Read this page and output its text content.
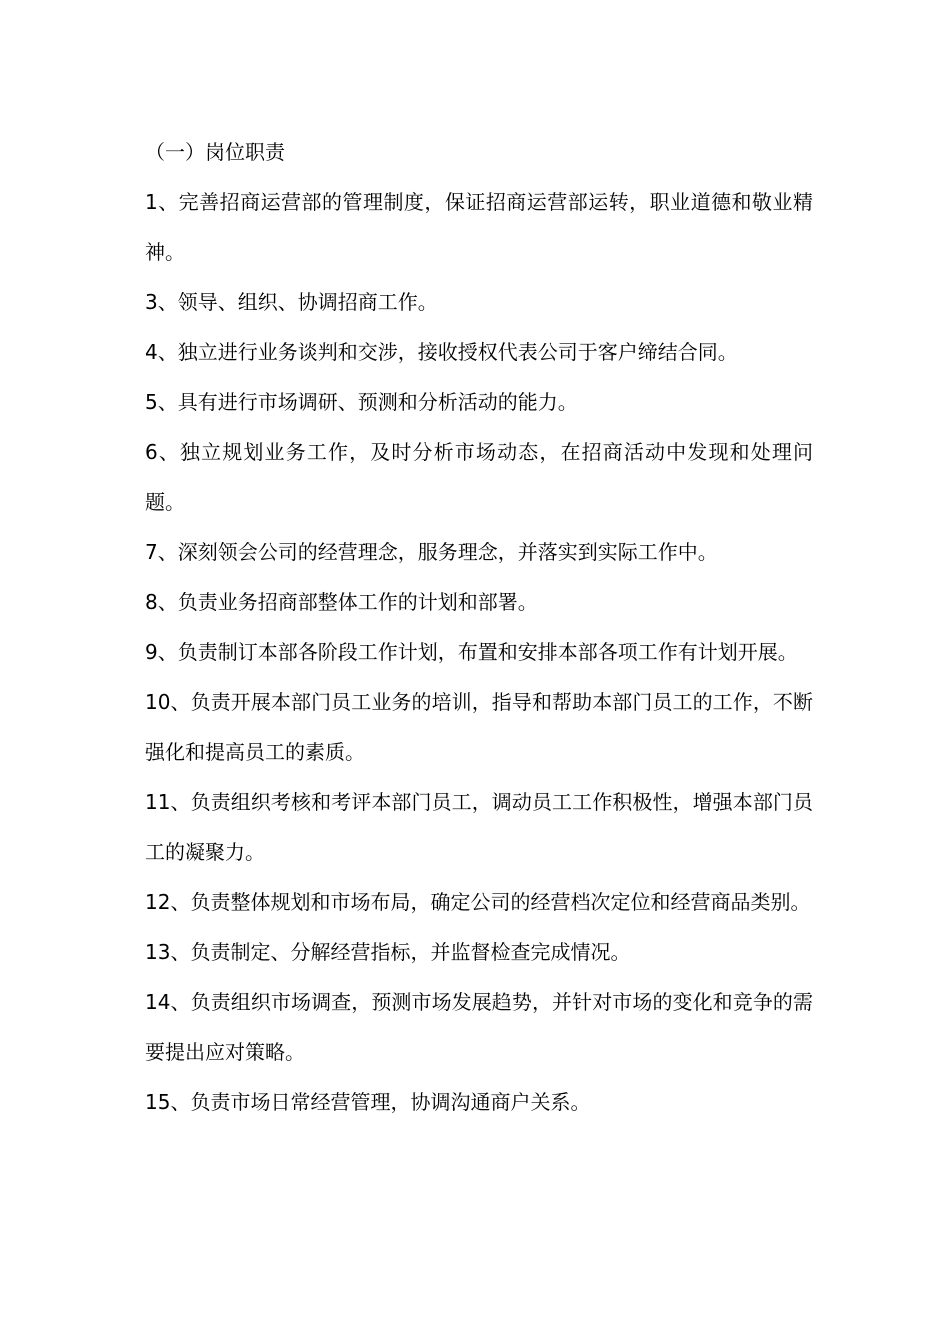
（一）岗位职责

1、完善招商运营部的管理制度，保证招商运营部运转，职业道德和敬业精神。

3、领导、组织、协调招商工作。

4、独立进行业务谈判和交涉，接收授权代表公司于客户缔结合同。

5、具有进行市场调研、预测和分析活动的能力。

6、独立规划业务工作，及时分析市场动态，在招商活动中发现和处理问题。

7、深刻领会公司的经营理念，服务理念，并落实到实际工作中。

8、负责业务招商部整体工作的计划和部署。

9、负责制订本部各阶段工作计划，布置和安排本部各项工作有计划开展。

10、负责开展本部门员工业务的培训，指导和帮助本部门员工的工作，不断强化和提高员工的素质。

11、负责组织考核和考评本部门员工，调动员工工作积极性，增强本部门员工的凝聚力。

12、负责整体规划和市场布局，确定公司的经营档次定位和经营商品类别。

13、负责制定、分解经营指标，并监督检查完成情况。

14、负责组织市场调查，预测市场发展趋势，并针对市场的变化和竞争的需要提出应对策略。

15、负责市场日常经营管理，协调沟通商户关系。
